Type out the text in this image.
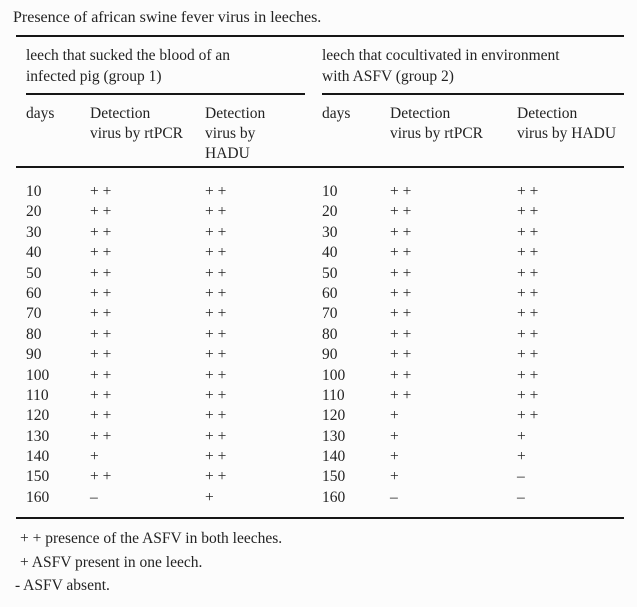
Presence of african swine fever virus in leeches.
leech that sucked the blood of an
infected pig (group 1)
leech that cocultivated in environment
with ASFV (group 2)
days	Detection
virus by rtPCR
Detection
virus by
HADU
days	Detection
virus by rtPCR
Detection
virus by HADU
10	+ +	+ +	10	+ +	+ +
20	+ +	+ +	20	+ +	+ +
30	+ +	+ +	30	+ +	+ +
40	+ +	+ +	40	+ +	+ +
50	+ +	+ +	50	+ +	+ +
60	+ +	+ +	60	+ +	+ +
70	+ +	+ +	70	+ +	+ +
80	+ +	+ +	80	+ +	+ +
90	+ +	+ +	90	+ +	+ +
100	+ +	+ +	100	+ +	+ +
110	+ +	+ +	110	+ +	+ +
120	+ +	+ +	120	+	+ +
130	+ +	+ +	130	+	+
140	+	+ +	140	+	+
150	+ +	+ +	150	+	–
160	–	+	160	–	–
+ + presence of the ASFV in both leeches.
+ ASFV present in one leech.
- ASFV absent.
